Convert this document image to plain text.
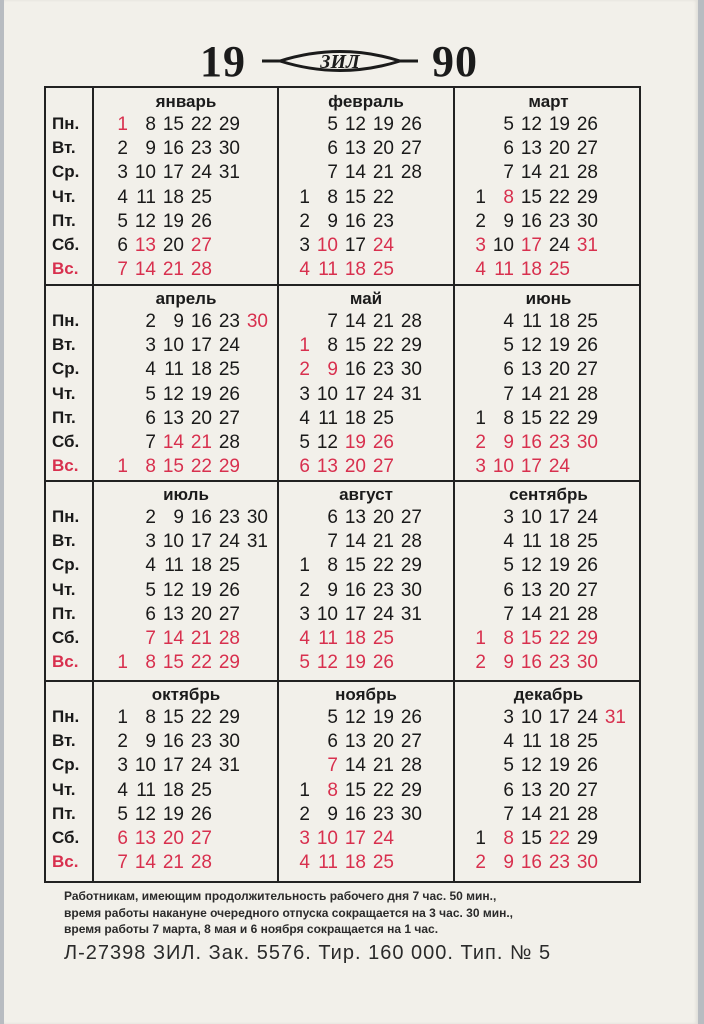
19	ЗИЛ 90
Пн.
Вт.
Ср.
Чт.
Пт.
Сб.
Вс.
январь
1
2
3
4
5
6
7
8
9
10
11
12
13
14
15
16
17
18
19
20
21
22
23
24
25
26
27
28
29
30
31
февраль
1
2
3
4
5
6
7
8
9
10
11
12
13
14
15
16
17
18
19
20
21
22
23
24
25
26
27
28
март
1
2
3
4
5
6
7
8
9
10
11
12
13
14
15
16
17
18
19
20
21
22
23
24
25
26
27
28
29
30
31
Пн.
Вт.
Ср.
Чт.
Пт.
Сб.
Вс.
апрель
1
2
3
4
5
6
7
8
9
10
11
12
13
14
15
16
17
18
19
20
21
22
23
24
25
26
27
28
29
30
май
1
2
3
4
5
6
7
8
9
10
11
12
13
14
15
16
17
18
19
20
21
22
23
24
25
26
27
28
29
30
31
июнь
1
2
3
4
5
6
7
8
9
10
11
12
13
14
15
16
17
18
19
20
21
22
23
24
25
26
27
28
29
30
Пн.
Вт.
Ср.
Чт.
Пт.
Сб.
Вс.
июль
1
2
3
4
5
6
7
8
9
10
11
12
13
14
15
16
17
18
19
20
21
22
23
24
25
26
27
28
29
30
31
август
1
2
3
4
5
6
7
8
9
10
11
12
13
14
15
16
17
18
19
20
21
22
23
24
25
26
27
28
29
30
31
сентябрь
1
2
3
4
5
6
7
8
9
10
11
12
13
14
15
16
17
18
19
20
21
22
23
24
25
26
27
28
29
30
Пн.
Вт.
Ср.
Чт.
Пт.
Сб.
Вс.
октябрь
1
2
3
4
5
6
7
8
9
10
11
12
13
14
15
16
17
18
19
20
21
22
23
24
25
26
27
28
29
30
31
ноябрь
1
2
3
4
5
6
7
8
9
10
11
12
13
14
15
16
17
18
19
20
21
22
23
24
25
26
27
28
29
30
декабрь
1
2
3
4
5
6
7
8
9
10
11
12
13
14
15
16
17
18
19
20
21
22
23
24
25
26
27
28
29
30
31
Работникам, имеющим продолжительность рабочего дня 7 час. 50 мин.,
время работы накануне очередного отпуска сокращается на 3 час. 30 мин.,
время работы 7 марта, 8 мая и 6 ноября сокращается на 1 час.
Л-27398 ЗИЛ. Зак. 5576. Тир. 160 000. Тип. № 5
